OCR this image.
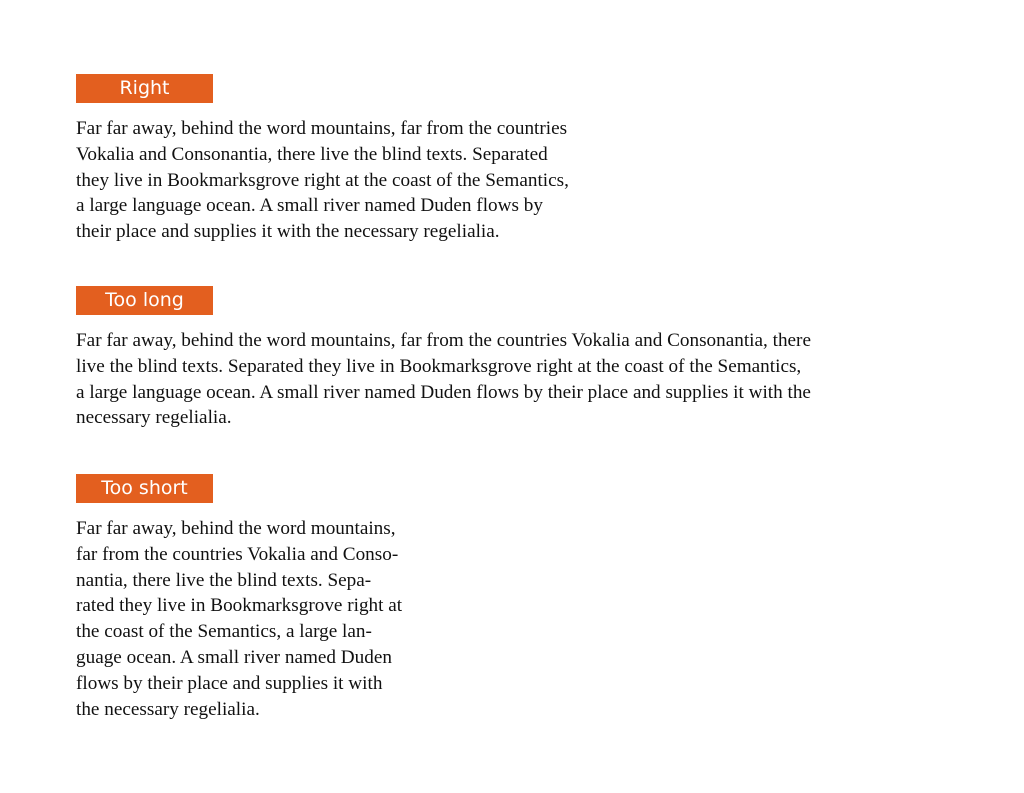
Right
Far far away, behind the word mountains, far from the countries
Vokalia and Consonantia, there live the blind texts. Separated
they live in Bookmarksgrove right at the coast of the Semantics,
a large language ocean. A small river named Duden flows by
their place and supplies it with the necessary regelialia.
Too long
Far far away, behind the word mountains, far from the countries Vokalia and Consonantia, there
live the blind texts. Separated they live in Bookmarksgrove right at the coast of the Semantics,
a large language ocean. A small river named Duden flows by their place and supplies it with the
necessary regelialia.
Too short
Far far away, behind the word mountains,
far from the countries Vokalia and Conso-
nantia, there live the blind texts. Sepa-
rated they live in Bookmarksgrove right at
the coast of the Semantics, a large lan-
guage ocean. A small river named Duden
flows by their place and supplies it with
the necessary regelialia.
